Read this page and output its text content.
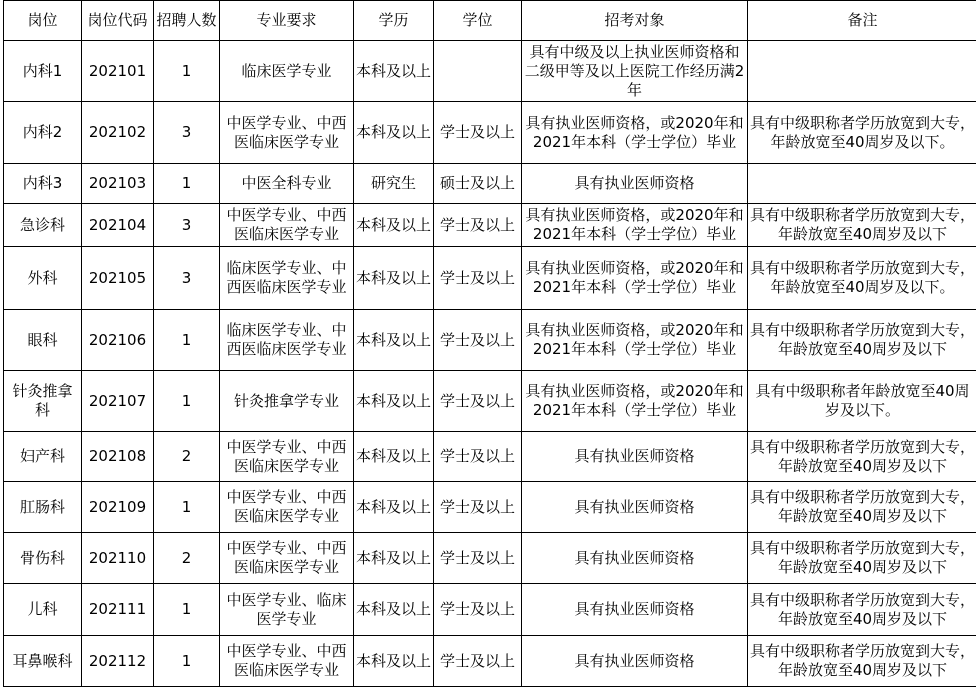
岗位	岗位代码	招聘人数	专业要求	学历	学位	招考对象	备注
内科1	202101	1	临床医学专业	本科及以上		具有中级及以上执业医师资格和二级甲等及以上医院工作经历满2年	

内科2	202102	3	中医学专业、中西医临床医学专业	本科及以上	学士及以上	具有执业医师资格，或2020年和2021年本科（学士学位）毕业	具有中级职称者学历放宽到大专，年龄放宽至40周岁及以下。

内科3	202103	1	中医全科专业	研究生	硕士及以上	具有执业医师资格	
急诊科	202104	3	中医学专业、中西医临床医学专业	本科及以上	学士及以上	具有执业医师资格，或2020年和2021年本科（学士学位）毕业	具有中级职称者学历放宽到大专，年龄放宽至40周岁及以下

外科	202105	3	临床医学专业、中西医临床医学专业	本科及以上	学士及以上	具有执业医师资格，或2020年和2021年本科（学士学位）毕业	具有中级职称者学历放宽到大专，年龄放宽至40周岁及以下。

眼科	202106	1	临床医学专业、中西医临床医学专业	本科及以上	学士及以上	具有执业医师资格，或2020年和2021年本科（学士学位）毕业	具有中级职称者学历放宽到大专，年龄放宽至40周岁及以下

针灸推拿科	202107	1	针灸推拿学专业	本科及以上	学士及以上	具有执业医师资格，或2020年和2021年本科（学士学位）毕业	具有中级职称者年龄放宽至40周岁及以下。
妇产科	202108	2	中医学专业、中西医临床医学专业	本科及以上	学士及以上	具有执业医师资格	具有中级职称者学历放宽到大专，年龄放宽至40周岁及以下

肛肠科	202109	1	中医学专业、中西医临床医学专业	本科及以上	学士及以上	具有执业医师资格	具有中级职称者学历放宽到大专，年龄放宽至40周岁及以下

骨伤科	202110	2	中医学专业、中西医临床医学专业	本科及以上	学士及以上	具有执业医师资格	具有中级职称者学历放宽到大专，年龄放宽至40周岁及以下

儿科	202111	1	中医学专业、临床医学专业	本科及以上	学士及以上	具有执业医师资格	具有中级职称者学历放宽到大专，年龄放宽至40周岁及以下

耳鼻喉科	202112	1	中医学专业、中西医临床医学专业	本科及以上	学士及以上	具有执业医师资格	具有中级职称者学历放宽到大专，年龄放宽至40周岁及以下
